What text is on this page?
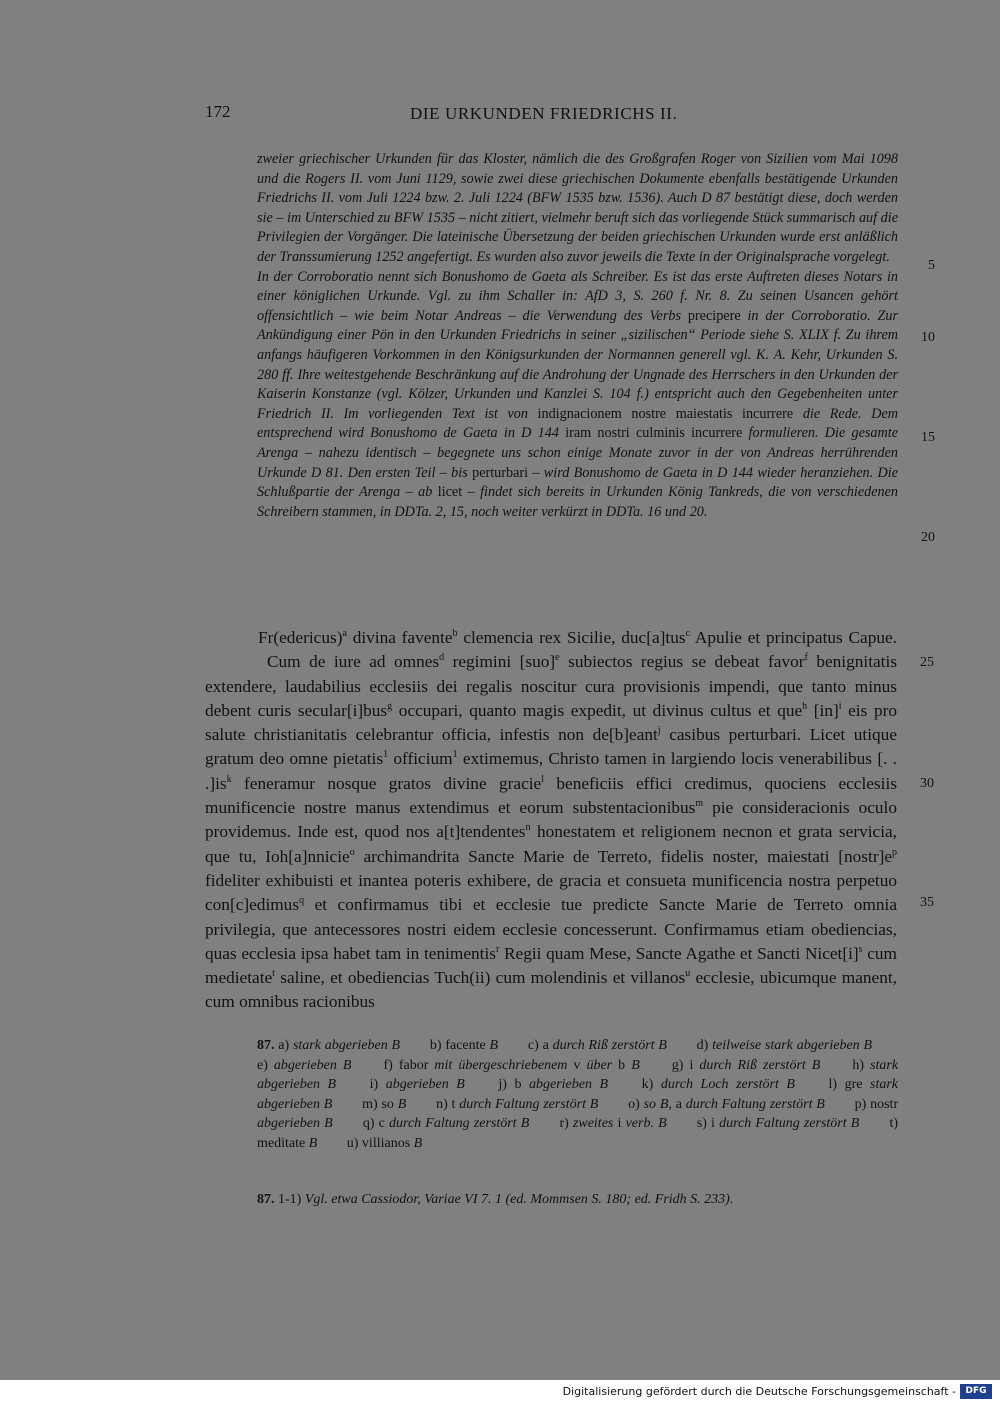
172	DIE URKUNDEN FRIEDRICHS II.

zweier griechischer Urkunden für das Kloster, nämlich die des Großgrafen Roger von Sizilien vom Mai 1098 und die Rogers II. vom Juni 1129, sowie zwei diese griechischen Dokumente ebenfalls bestätigende Urkunden Friedrichs II. vom Juli 1224 bzw. 2. Juli 1224 (BFW 1535 bzw. 1536). Auch D 87 bestätigt diese, doch werden sie – im Unterschied zu BFW 1535 – nicht zitiert, vielmehr beruft sich das vorliegende Stück summarisch auf die Privilegien der Vorgänger. Die lateinische Übersetzung der beiden griechischen Urkunden wurde erst anläßlich der Transsumierung 1252 angefertigt. Es wurden also zuvor jeweils die Texte in der Originalsprache vorgelegt.

In der Corroboratio nennt sich Bonushomo de Gaeta als Schreiber. Es ist das erste Auftreten dieses Notars in einer königlichen Urkunde. Vgl. zu ihm Schaller in: AfD 3, S. 260 f. Nr. 8. Zu seinen Usancen gehört offensichtlich – wie beim Notar Andreas – die Verwendung des Verbs precipere in der Corroboratio. Zur Ankündigung einer Pön in den Urkunden Friedrichs in seiner „sizilischen“ Periode siehe S. XLIX f. Zu ihrem anfangs häufigeren Vorkommen in den Königsurkunden der Normannen generell vgl. K. A. Kehr, Urkunden S. 280 ff. Ihre weitestgehende Beschränkung auf die Androhung der Ungnade des Herrschers in den Urkunden der Kaiserin Konstanze (vgl. Kölzer, Urkunden und Kanzlei S. 104 f.) entspricht auch den Gegebenheiten unter Friedrich II. Im vorliegenden Text ist von indignacionem nostre maiestatis incurrere die Rede. Dem entsprechend wird Bonushomo de Gaeta in D 144 iram nostri culminis incurrere formulieren. Die gesamte Arenga – nahezu identisch – begegnete uns schon einige Monate zuvor in der von Andreas herrührenden Urkunde D 81. Den ersten Teil – bis perturbari – wird Bonushomo de Gaeta in D 144 wieder heranziehen. Die Schlußpartie der Arenga – ab licet – findet sich bereits in Urkunden König Tankreds, die von verschiedenen Schreibern stammen, in DDTa. 2, 15, noch weiter verkürzt in DDTa. 16 und 20.

5
10
15
20

Fr(edericus)$^a$ divina favente$^b$ clemencia rex Sicilie, duc[a]tus$^c$ Apulie et principatus Capue.Cum de iure ad omnes$^d$ regimini [suo]$^e$ subiectos regius se debeat favor$^f$ benignitatis extendere, laudabilius ecclesiis dei regalis noscitur cura provisionis impendi, que tanto minus debent curis secular[i]bus$^g$ occupari, quanto magis expedit, ut divinus cultus et que$^h$ [in]$^i$ eis pro salute christianitatis celebrantur officia, infestis non de[b]eant$^j$ casibus perturbari. Licet utique gratum deo omne pietatis$^1$ officium$^1$ extimemus, Christo tamen in largiendo locis venerabilibus [. . $.]is^k$ feneramur nosque gratos divine gracie$^l$ beneficiis effici credimus, quociens ecclesiis munificencie nostre manus extendimus et eorum substentacionibus$^m$ pie consideracionis oculo providemus. Inde est, quod nos a[t]tendentes$^n$ honestatem et religionem necnon et grata servicia, que tu, Ioh[a]nnicie$^o$ archimandrita Sancte Marie de Terreto, fidelis noster, maiestati $[nostr]e^p$ fideliter exhibuisti et inantea poteris exhibere, de gracia et consueta munificencia nostra perpetuo con[c]edimus$^q$ et confirmamus tibi et ecclesie tue predicte Sancte Marie de Terreto omnia privilegia, que antecessores nostri eidem ecclesie concesserunt. Confirmamus etiam obediencias, quas ecclesia ipsa habet tam in tenimentis$^r$ Regii quam Mese, Sancte Agathe et Sancti $Nicet[i]^s$ cum medietate$^t$ saline, et obediencias Tuch(ii) cum molendinis et villanos$^u$ ecclesie, ubicumque manent, cum omnibus racionibus

25
30
35
87. a) stark abgerieben B b) facente B c) a durch Riß zerstört B d) teilweise stark abgerieben B e) abgerieben B f) fabor mit übergeschriebenem v über b B g) i durch Riß zerstört B h) stark abgerieben B i) abgerieben B j) b abgerieben B k) durch Loch zerstört B l) gre stark abgerieben B m) so B n) t durch Faltung zerstört B o) so B, a durch Faltung zerstört B p) nostr abgerieben B q) c durch Faltung zerstört B r) zweites i verb. B s) i durch Faltung zerstört B t) meditate B u) villianos B
87. 1-1) Vgl. etwa Cassiodor, Variae VI 7. 1 (ed. Mommsen S. 180; ed. Fridh S. 233).
Digitalisierung gefördert durch die Deutsche Forschungsgemeinschaft -	DFG
